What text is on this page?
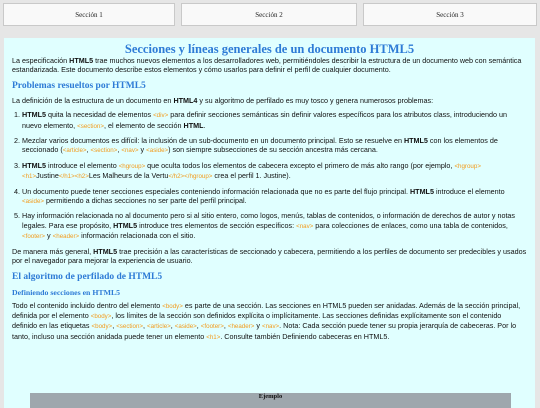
Sección 1	Sección 2	Sección 3
Secciones y líneas generales de un documento HTML5

La especificación HTML5 trae muchos nuevos elementos a los desarrolladores web, permitiéndoles describir la estructura de un documento web con semántica estandarizada. Este documento describe estos elementos y cómo usarlos para definir el perfil de cualquier documento.

Problemas resueltos por HTML5

La definición de la estructura de un documento en HTML4 y su algoritmo de perfilado es muy tosco y genera numerosos problemas:

1. HTML5 quita la necesidad de elementos <div> para definir secciones semánticas sin definir valores específicos para los atributos class, introduciendo un nuevo elemento, <section>, el elemento de sección HTML.
2. Mezclar varios documentos es difícil: la inclusión de un sub-documento en un documento principal. Esto se resuelve en HTML5 con los elementos de seccionado (<article>, <section>, <nav> y <aside>) son siempre subsecciones de su sección ancestra más cercana.
3. HTML5 introduce el elemento <hgroup> que oculta todos los elementos de cabecera excepto el primero de más alto rango (por ejemplo, <hgroup><h1>Justine</h1><h2>Les Malheurs de la Vertu</h2></hgroup> crea el perfil 1. Justine).
4. Un documento puede tener secciones especiales conteniendo información relacionada que no es parte del flujo principal. HTML5 introduce el elemento <aside> permitiendo a dichas secciones no ser parte del perfil principal.
5. Hay información relacionada no al documento pero si al sitio entero, como logos, menús, tablas de contenidos, o información de derechos de autor y notas legales. Para ese propósito, HTML5 introduce tres elementos de sección específicos: <nav> para colecciones de enlaces, como una tabla de contenidos, <footer> y <header> información relacionada con el sitio.

De manera más general, HTML5 trae precisión a las características de seccionado y cabecera, permitiendo a los perfiles de documento ser predecibles y usados por el navegador para mejorar la experiencia de usuario.

El algoritmo de perfilado de HTML5
Definiendo secciones en HTML5

Todo el contenido incluido dentro del elemento <body> es parte de una sección. Las secciones en HTML5 pueden ser anidadas. Además de la sección principal, definida por el elemento <body>, los límites de la sección son definidos explícita o implícitamente. Las secciones definidas explícitamente son el contenido definido en las etiquetas <body>, <section>, <article>, <aside>, <footer>, <header> y <nav>. Nota: Cada sección puede tener su propia jerarquía de cabeceras. Por lo tanto, incluso una sección anidada puede tener un elemento <h1>. Consulte también Definiendo cabeceras en HTML5.

Ejemplo
